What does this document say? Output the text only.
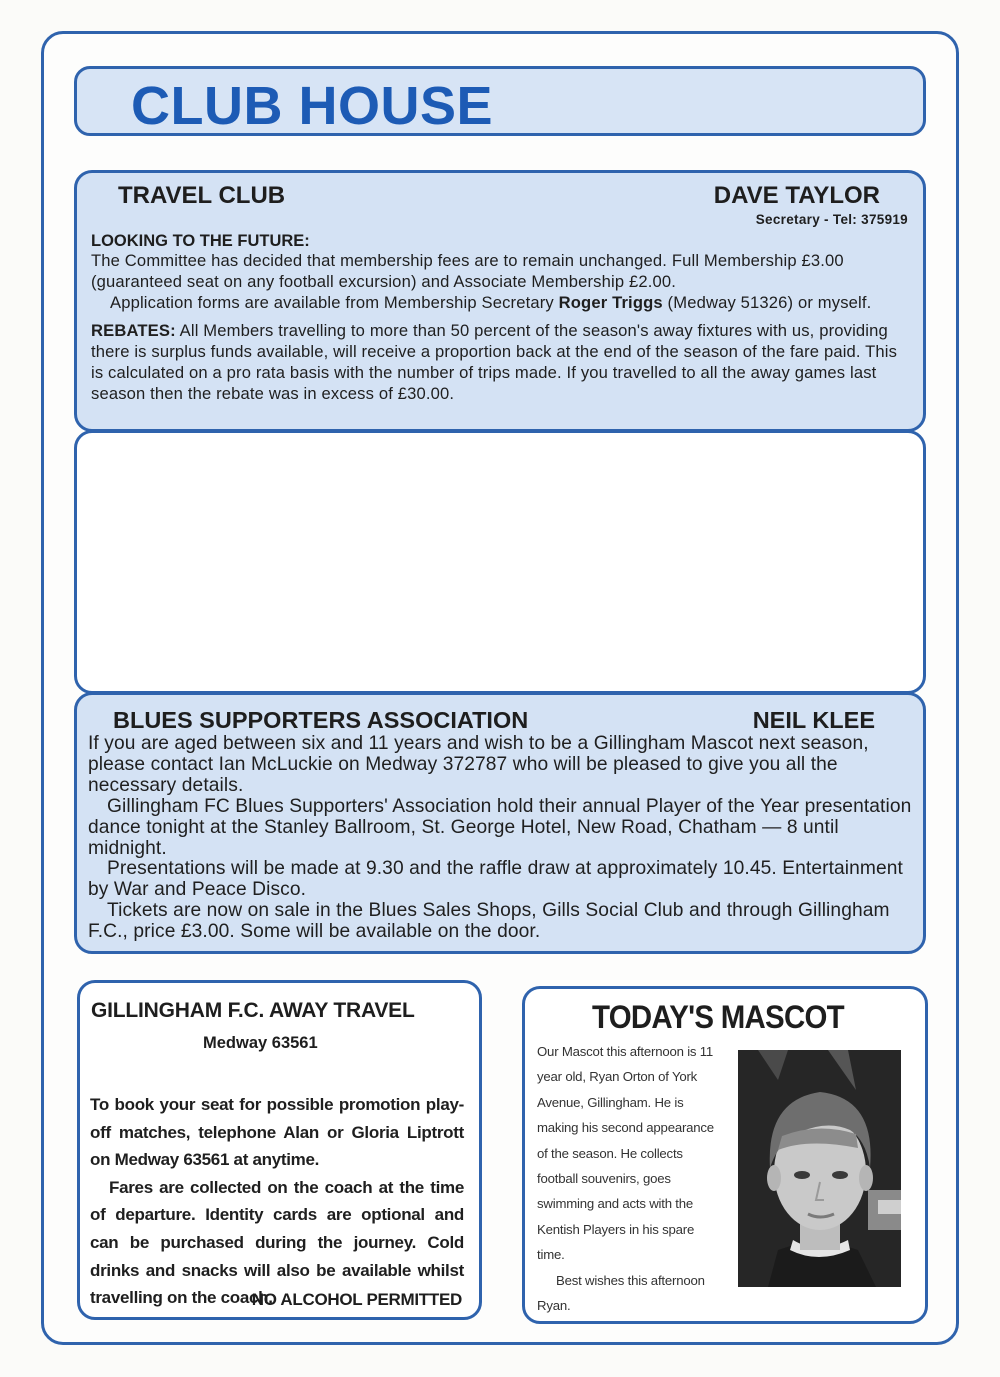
CLUB HOUSE
TRAVEL CLUB	DAVE TAYLOR
Secretary - Tel: 375919
LOOKING TO THE FUTURE:

The Committee has decided that membership fees are to remain unchanged. Full Membership £3.00 (guaranteed seat on any football excursion) and Associate Membership £2.00.

Application forms are available from Membership Secretary Roger Triggs (Medway 51326) or myself.

REBATES: All Members travelling to more than 50 percent of the season's away fixtures with us, providing there is surplus funds available, will receive a proportion back at the end of the season of the fare paid. This is calculated on a pro rata basis with the number of trips made. If you travelled to all the away games last season then the rebate was in excess of £30.00.

BLUES SUPPORTERS ASSOCIATION	NEIL KLEE

If you are aged between six and 11 years and wish to be a Gillingham Mascot next season, please contact Ian McLuckie on Medway 372787 who will be pleased to give you all the necessary details.

Gillingham FC Blues Supporters' Association hold their annual Player of the Year presentation dance tonight at the Stanley Ballroom, St. George Hotel, New Road, Chatham — 8 until midnight.

Presentations will be made at 9.30 and the raffle draw at approximately 10.45. Entertainment by War and Peace Disco.

Tickets are now on sale in the Blues Sales Shops, Gills Social Club and through Gillingham F.C., price £3.00. Some will be available on the door.

GILLINGHAM F.C. AWAY TRAVEL
Medway 63561

To book your seat for possible promotion play-off matches, telephone Alan or Gloria Liptrott on Medway 63561 at anytime.

Fares are collected on the coach at the time of departure. Identity cards are optional and can be purchased during the journey. Cold drinks and snacks will also be available whilst travelling on the coach.

NO ALCOHOL PERMITTED
TODAY'S MASCOT

Our Mascot this afternoon is 11 year old, Ryan Orton of York Avenue, Gillingham. He is making his second appearance of the season. He collects football souvenirs, goes swimming and acts with the Kentish Players in his spare time.

Best wishes this afternoon Ryan.
